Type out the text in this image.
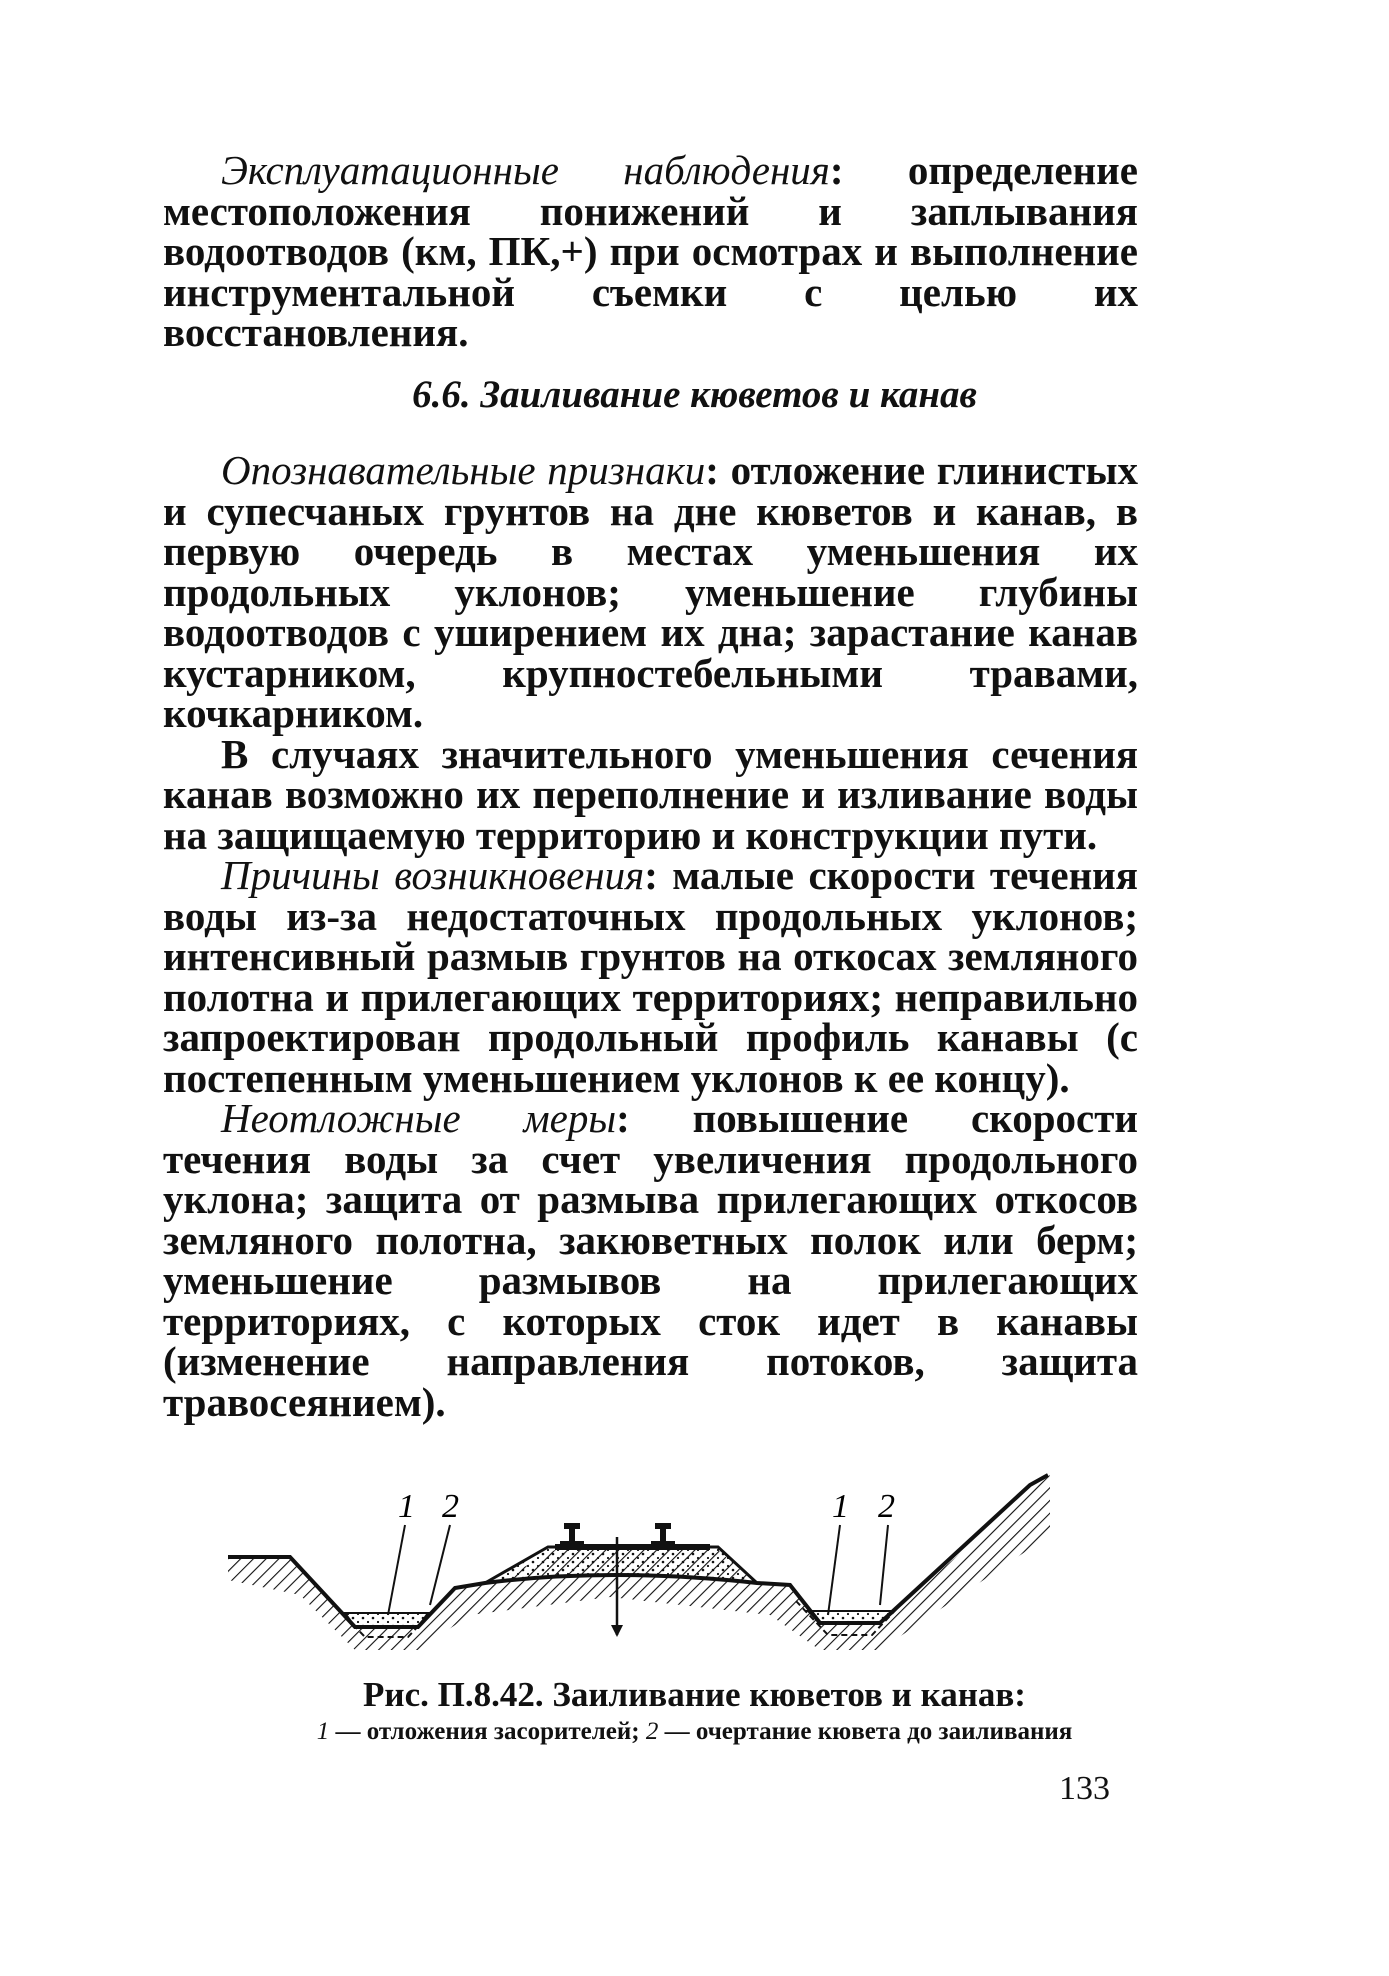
Эксплуатационные наблюдения: определение местоположения понижений и заплывания водоотводов (км, ПК,+) при осмотрах и выполнение инструментальной съемки с целью их восстановления.

6.6. Заиливание кюветов и канав

Опознавательные признаки: отложение глинистых и супесчаных грунтов на дне кюветов и канав, в первую очередь в местах уменьшения их продольных уклонов; уменьшение глубины водоотводов с уширением их дна; зарастание канав кустарником, крупностебельными травами, кочкарником.

В случаях значительного уменьшения сечения канав возможно их переполнение и изливание воды на защищаемую территорию и конструкции пути.

Причины возникновения: малые скорости течения воды из-за недостаточных продольных уклонов; интенсивный размыв грунтов на откосах земляного полотна и прилегающих территориях; неправильно запроектирован продольный профиль канавы (с постепенным уменьшением уклонов к ее концу).

Неотложные меры: повышение скорости течения воды за счет увеличения продольного уклона; защита от размыва прилегающих откосов земляного полотна, закюветных полок или берм; уменьшение размывов на прилегающих территориях, с которых сток идет в канавы (изменение направления потоков, защита травосеянием).

1 2	1 2
Рис. П.8.42. Заиливание кюветов и канав:
1 — отложения засорителей; 2 — очертание кювета до заиливания
133
